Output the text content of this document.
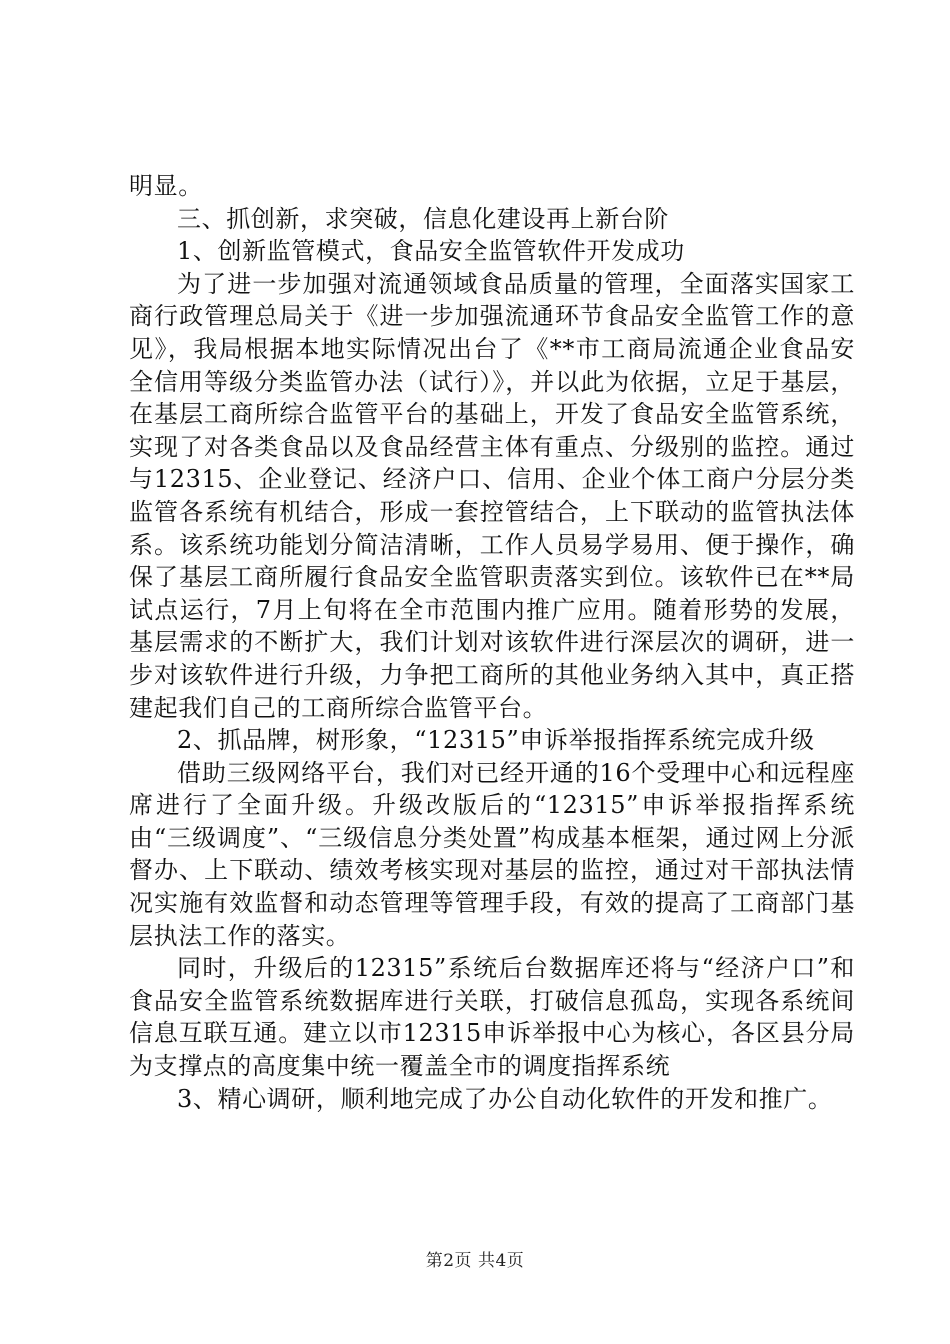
明显。

三、抓创新，求突破，信息化建设再上新台阶

1、创新监管模式，食品安全监管软件开发成功

为了进一步加强对流通领域食品质量的管理，全面落实国家工商行政管理总局关于《进一步加强流通环节食品安全监管工作的意见》，我局根据本地实际情况出台了《**市工商局流通企业食品安全信用等级分类监管办法（试行）》，并以此为依据，立足于基层，在基层工商所综合监管平台的基础上，开发了食品安全监管系统，实现了对各类食品以及食品经营主体有重点、分级别的监控。通过与12315、企业登记、经济户口、信用、企业个体工商户分层分类监管各系统有机结合，形成一套控管结合，上下联动的监管执法体系。该系统功能划分简洁清晰，工作人员易学易用、便于操作，确保了基层工商所履行食品安全监管职责落实到位。该软件已在**局试点运行，7月上旬将在全市范围内推广应用。随着形势的发展，基层需求的不断扩大，我们计划对该软件进行深层次的调研，进一步对该软件进行升级，力争把工商所的其他业务纳入其中，真正搭建起我们自己的工商所综合监管平台。

2、抓品牌，树形象，“12315”申诉举报指挥系统完成升级

借助三级网络平台，我们对已经开通的16个受理中心和远程座席进行了全面升级。升级改版后的“12315”申诉举报指挥系统由“三级调度”、“三级信息分类处置”构成基本框架，通过网上分派督办、上下联动、绩效考核实现对基层的监控，通过对干部执法情况实施有效监督和动态管理等管理手段，有效的提高了工商部门基层执法工作的落实。

同时，升级后的12315”系统后台数据库还将与“经济户口”和食品安全监管系统数据库进行关联，打破信息孤岛，实现各系统间信息互联互通。建立以市12315申诉举报中心为核心，各区县分局为支撑点的高度集中统一覆盖全市的调度指挥系统

3、精心调研，顺利地完成了办公自动化软件的开发和推广。

第2页 共4页
